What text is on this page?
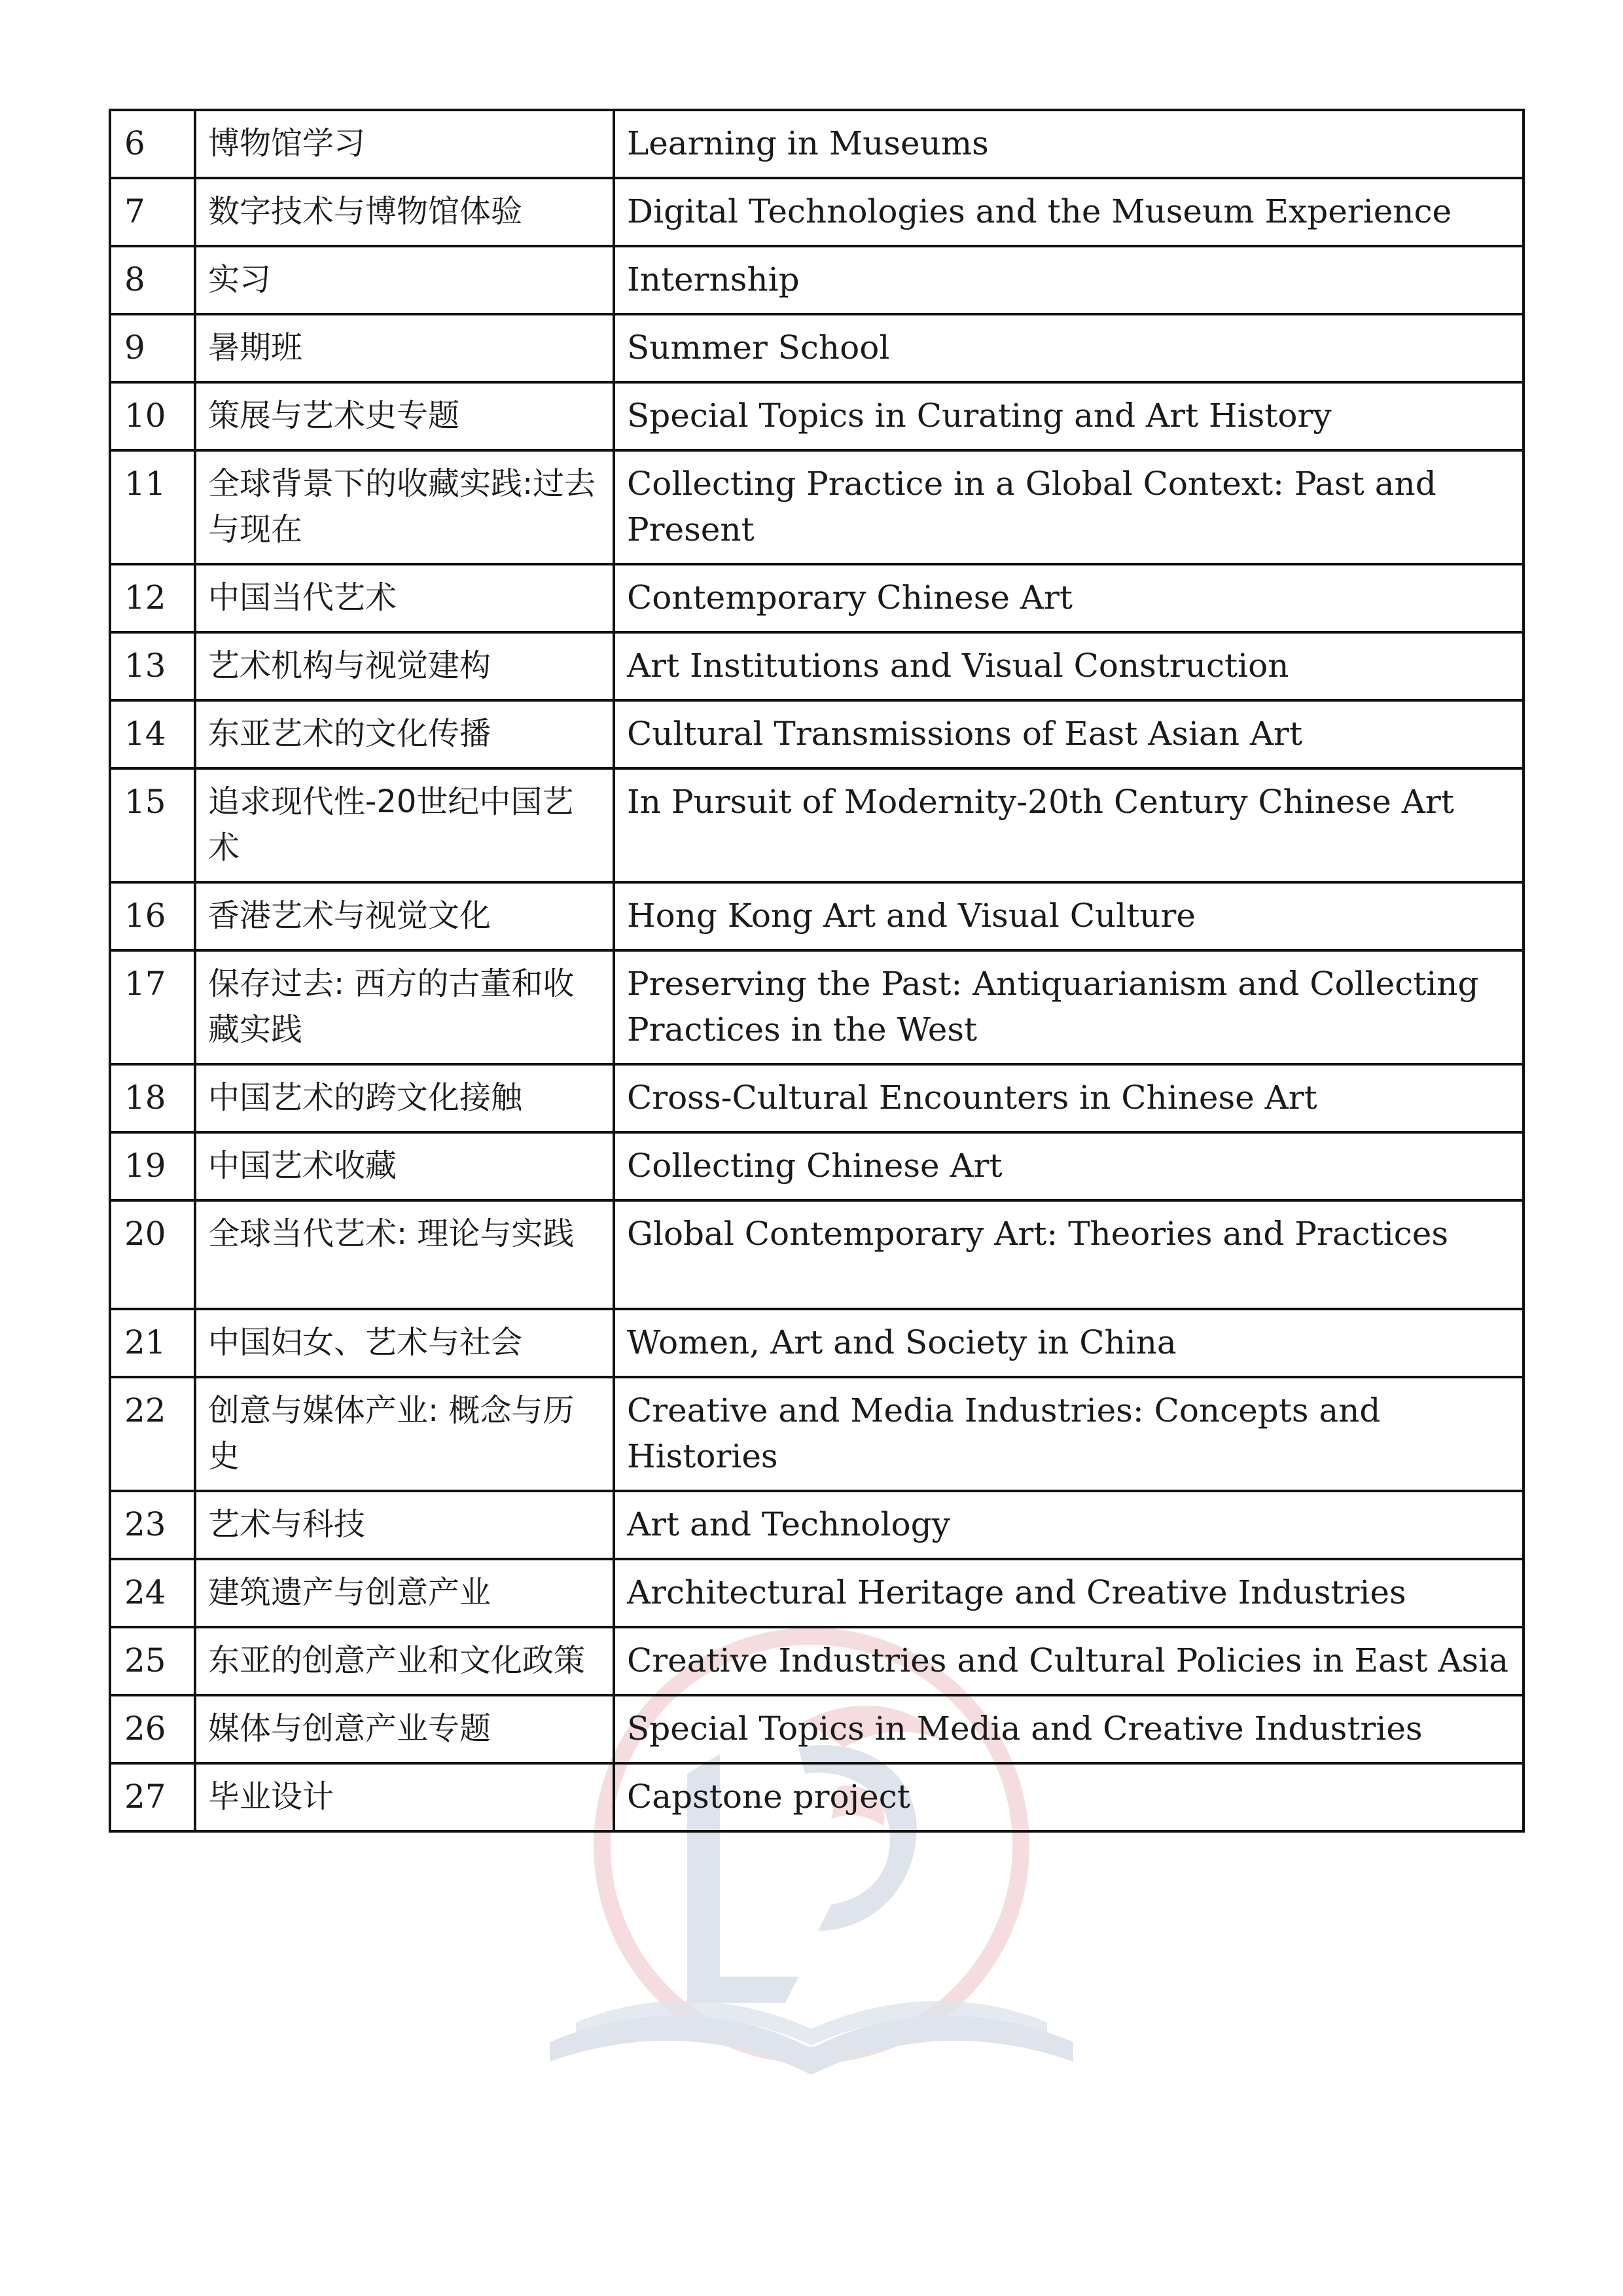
6	博物馆学习	Learning in Museums
7	数字技术与博物馆体验	Digital Technologies and the Museum Experience
8	实习	Internship
9	暑期班	Summer School
10	策展与艺术史专题	Special Topics in Curating and Art History
11	全球背景下的收藏实践:过去与现在	Collecting Practice in a Global Context: Past and Present
12	中国当代艺术	Contemporary Chinese Art
13	艺术机构与视觉建构	Art Institutions and Visual Construction
14	东亚艺术的文化传播	Cultural Transmissions of East Asian Art
15	追求现代性-20世纪中国艺术	In Pursuit of Modernity-20th Century Chinese Art
16	香港艺术与视觉文化	Hong Kong Art and Visual Culture
17	保存过去: 西方的古董和收藏实践	Preserving the Past: Antiquarianism and Collecting Practices in the West
18	中国艺术的跨文化接触	Cross-Cultural Encounters in Chinese Art
19	中国艺术收藏	Collecting Chinese Art
20	全球当代艺术: 理论与实践	Global Contemporary Art: Theories and Practices
21	中国妇女、艺术与社会	Women, Art and Society in China
22	创意与媒体产业: 概念与历史	Creative and Media Industries: Concepts and Histories
23	艺术与科技	Art and Technology
24	建筑遗产与创意产业	Architectural Heritage and Creative Industries
25	东亚的创意产业和文化政策	Creative Industries and Cultural Policies in East Asia
26	媒体与创意产业专题	Special Topics in Media and Creative Industries
27	毕业设计	Capstone project
